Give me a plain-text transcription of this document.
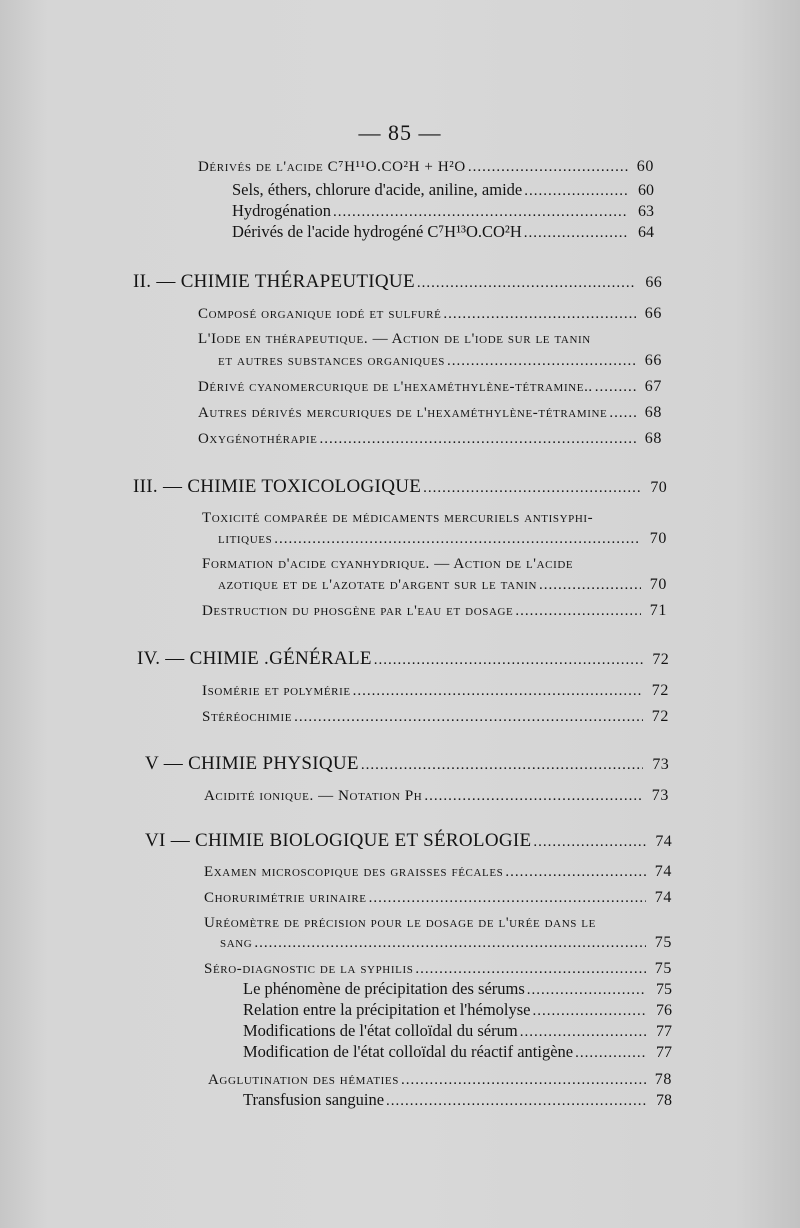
— 85 —
Dérivés de l'acide C⁷H¹¹O.CO²H + H²O .....	60
Sels, éthers, chlorure d'acide, aniline, amide .....	60
Hydrogénation .....	63
Dérivés de l'acide hydrogéné C⁷H¹³O.CO²H .....	64
II. — CHIMIE THÉRAPEUTIQUE .....	66
Composé organique iodé et sulfuré .....	66
L'Iode en thérapeutique. — Action de l'iode sur le tanin
et autres substances organiques .....	66
Dérivé cyanomercurique de l'hexaméthylène-tétramine.. .....	67
Autres dérivés mercuriques de l'hexaméthylène-tétramine .....	68
Oxygénothérapie .....	68
III. — CHIMIE TOXICOLOGIQUE .....	70
Toxicité comparée de médicaments mercuriels antisyphi-
litiques .....	70
Formation d'acide cyanhydrique. — Action de l'acide
azotique et de l'azotate d'argent sur le tanin .....	70
Destruction du phosgène par l'eau et dosage .....	71
IV. — CHIMIE .GÉNÉRALE .....	72
Isomérie et polymérie .....	72
Stéréochimie .....	72
V — CHIMIE PHYSIQUE .....	73
Acidité ionique. — Notation Ph .....	73
VI — CHIMIE BIOLOGIQUE ET SÉROLOGIE .....	74
Examen microscopique des graisses fécales .....	74
Chorurimétrie urinaire .....	74
Uréomètre de précision pour le dosage de l'urée dans le
sang .....	75
Séro-diagnostic de la syphilis .....	75
Le phénomène de précipitation des sérums .....	75
Relation entre la précipitation et l'hémolyse .....	76
Modifications de l'état colloïdal du sérum .....	77
Modification de l'état colloïdal du réactif antigène .....	77
Agglutination des hématies .....	78
Transfusion sanguine .....	78
